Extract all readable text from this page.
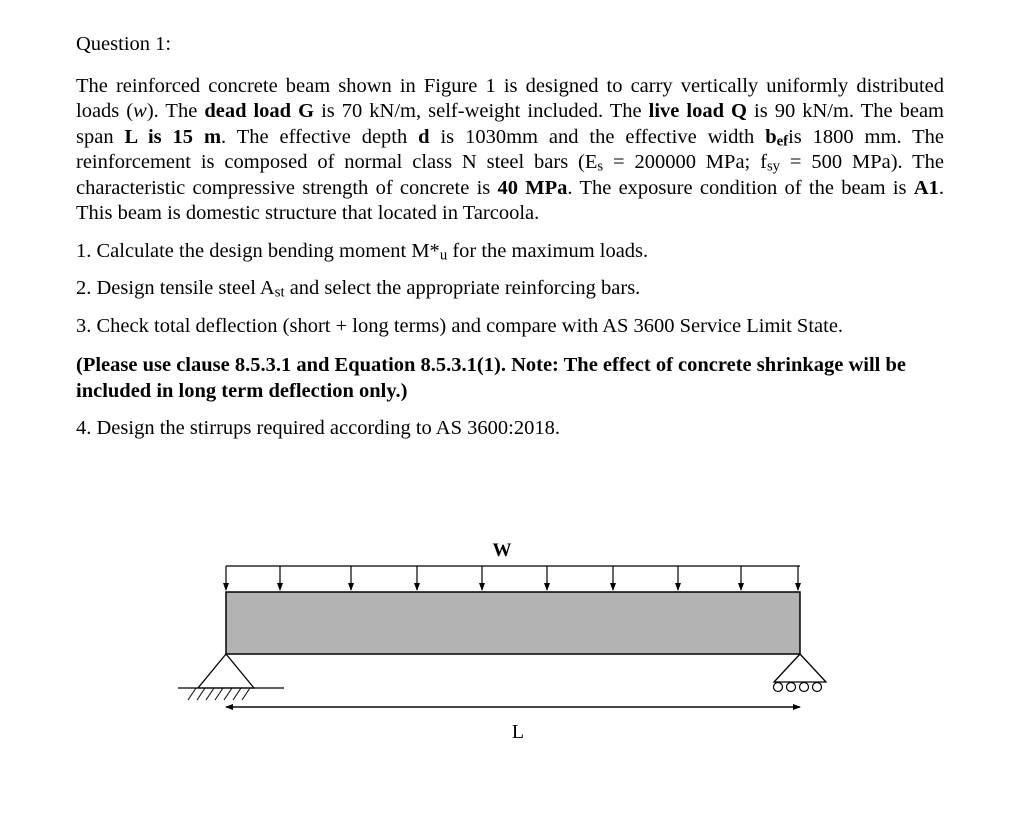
Question 1:

The reinforced concrete beam shown in Figure 1 is designed to carry vertically uniformly distributed loads (w). The dead load G is 70 kN/m, self-weight included. The live load Q is 90 kN/m. The beam span L is 15 m. The effective depth d is 1030mm and the effective width befis 1800 mm. The reinforcement is composed of normal class N steel bars (Es = 200000 MPa; fsy = 500 MPa). The characteristic compressive strength of concrete is 40 MPa. The exposure condition of the beam is A1. This beam is domestic structure that located in Tarcoola.

1. Calculate the design bending moment M*u for the maximum loads.

2. Design tensile steel Ast and select the appropriate reinforcing bars.

3. Check total deflection (short + long terms) and compare with AS 3600 Service Limit State.

(Please use clause 8.5.3.1 and Equation 8.5.3.1(1). Note: The effect of concrete shrinkage will be included in long term deflection only.)

4. Design the stirrups required according to AS 3600:2018.

W
L
